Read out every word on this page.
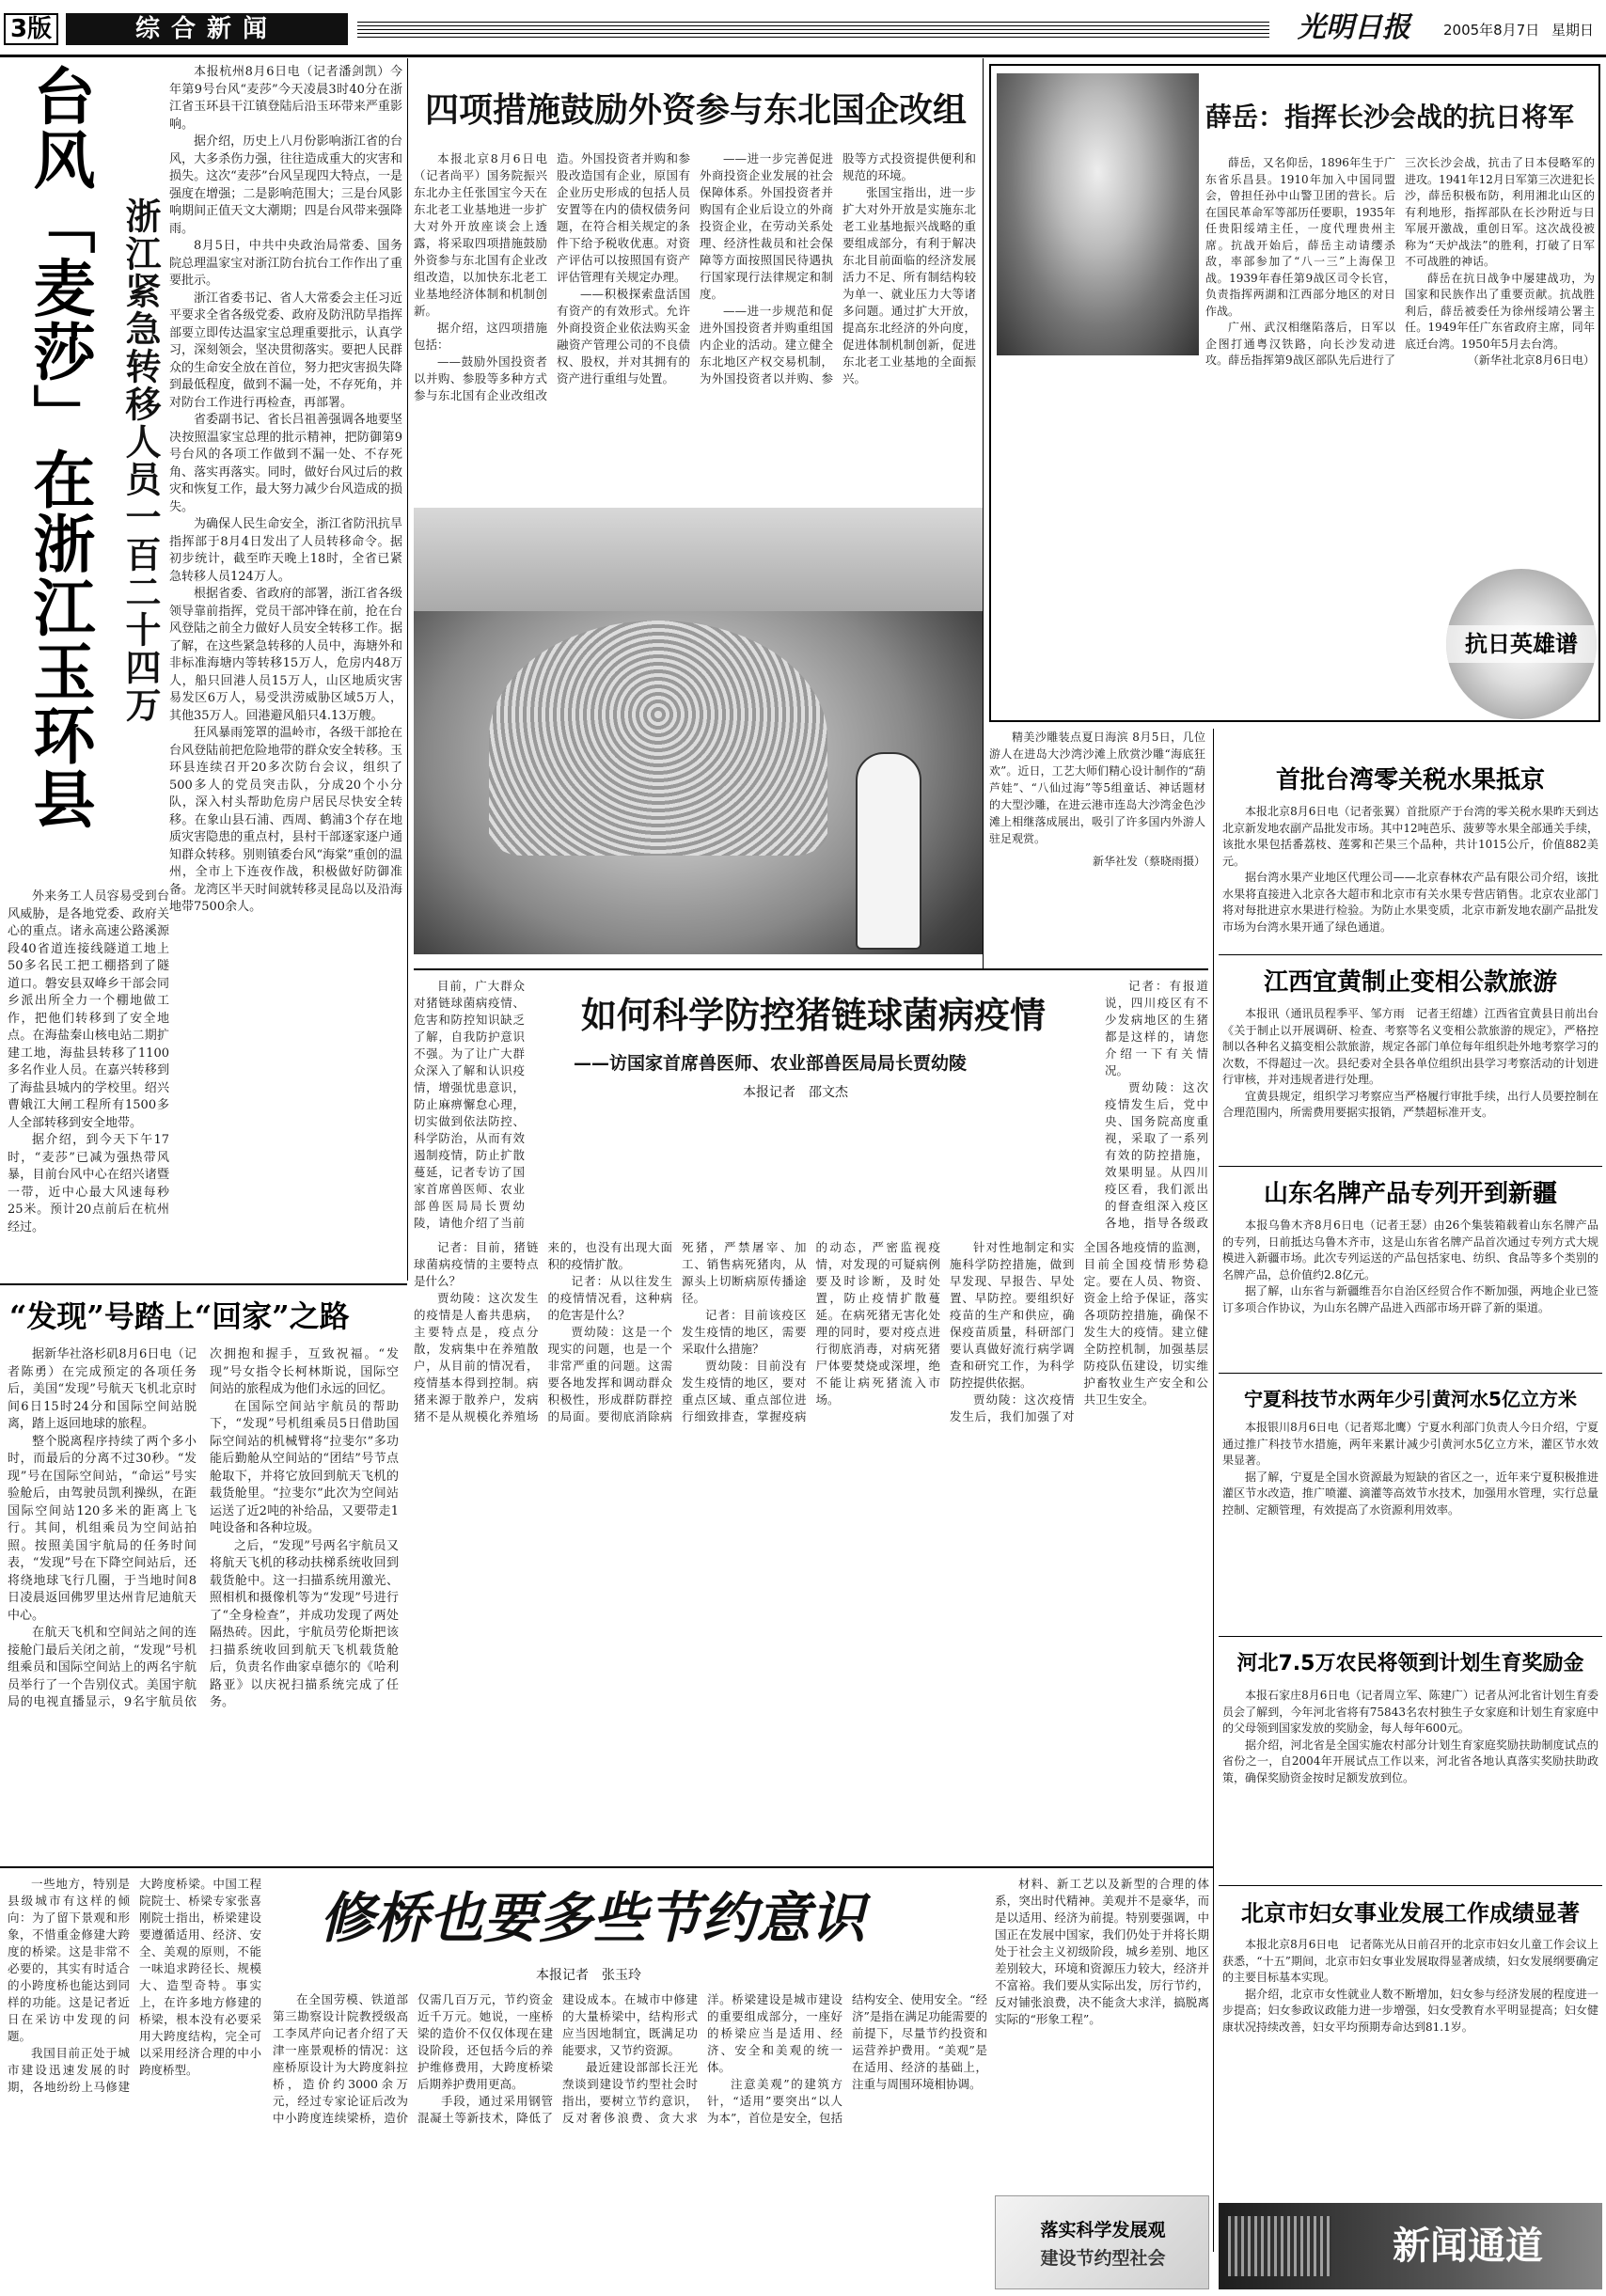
3版	综合新闻	光明日报	2005年8月7日 星期日
台风「麦莎」在浙江玉环县
浙江紧急转移人员一百二十四万

本报杭州8月6日电（记者潘剑凯）今年第9号台风“麦莎”今天凌晨3时40分在浙江省玉环县干江镇登陆后沿玉环带来严重影响。

据介绍，历史上八月份影响浙江省的台风，大多杀伤力强，往往造成重大的灾害和损失。这次“麦莎”台风呈现四大特点，一是强度在增强；二是影响范围大；三是台风影响期间正值天文大潮期；四是台风带来强降雨。

8月5日，中共中央政治局常委、国务院总理温家宝对浙江防台抗台工作作出了重要批示。

浙江省委书记、省人大常委会主任习近平要求全省各级党委、政府及防汛防旱指挥部要立即传达温家宝总理重要批示，认真学习，深刻领会，坚决贯彻落实。要把人民群众的生命安全放在首位，努力把灾害损失降到最低程度，做到不漏一处，不存死角，并对防台工作进行再检查，再部署。

省委副书记、省长吕祖善强调各地要坚决按照温家宝总理的批示精神，把防御第9号台风的各项工作做到不漏一处、不存死角、落实再落实。同时，做好台风过后的救灾和恢复工作，最大努力减少台风造成的损失。

为确保人民生命安全，浙江省防汛抗旱指挥部于8月4日发出了人员转移命令。据初步统计，截至昨天晚上18时，全省已紧急转移人员124万人。

根据省委、省政府的部署，浙江省各级领导靠前指挥，党员干部冲锋在前，抢在台风登陆之前全力做好人员安全转移工作。据了解，在这些紧急转移的人员中，海塘外和非标准海塘内等转移15万人，危房内48万人，船只回港人员15万人，山区地质灾害易发区6万人，易受洪涝威胁区域5万人，其他35万人。回港避风船只4.13万艘。

狂风暴雨笼罩的温岭市，各级干部抢在台风登陆前把危险地带的群众安全转移。玉环县连续召开20多次防台会议，组织了500多人的党员突击队，分成20个小分队，深入村头帮助危房户居民尽快安全转移。在象山县石浦、西周、鹤浦3个存在地质灾害隐患的重点村，县村干部逐家逐户通知群众转移。别则镇委台风“海棠”重创的温州，全市上下连夜作战，积极做好防御准备。龙湾区半天时间就转移灵昆岛以及沿海地带7500余人。

外来务工人员容易受到台风威胁，是各地党委、政府关心的重点。诸永高速公路溪源段40省道连接线隧道工地上50多名民工把工棚搭到了隧道口。磐安县双峰乡干部会同乡派出所全力一个棚地做工作，把他们转移到了安全地点。在海盐秦山核电站二期扩建工地，海盐县转移了1100多名作业人员。在嘉兴转移到了海盐县城内的学校里。绍兴曹娥江大闸工程所有1500多人全部转移到安全地带。

据介绍，到今天下午17时，“麦莎”已减为强热带风暴，目前台风中心在绍兴诸暨一带，近中心最大风速每秒25米。预计20点前后在杭州经过。

“发现”号踏上“回家”之路

据新华社洛杉矶8月6日电（记者陈勇）在完成预定的各项任务后，美国“发现”号航天飞机北京时间6日15时24分和国际空间站脱离，踏上返回地球的旅程。

整个脱离程序持续了两个多小时，而最后的分离不过30秒。“发现”号在国际空间站，“命运”号实验舱后，由驾驶员凯利操纵，在距国际空间站120多米的距离上飞行。其间，机组乘员为空间站拍照。按照美国宇航局的任务时间表，“发现”号在下降空间站后，还将绕地球飞行几圈，于当地时间8日凌晨返回佛罗里达州肯尼迪航天中心。

在航天飞机和空间站之间的连接舱门最后关闭之前，“发现”号机组乘员和国际空间站上的两名宇航员举行了一个告别仪式。美国宇航局的电视直播显示，9名宇航员依次拥抱和握手，互致祝福。“发现”号女指令长柯林斯说，国际空间站的旅程成为他们永远的回忆。

在国际空间站宇航员的帮助下，“发现”号机组乘员5日借助国际空间站的机械臂将“拉斐尔”多功能后勤舱从空间站的“团结”号节点舱取下，并将它放回到航天飞机的载货舱里。“拉斐尔”此次为空间站运送了近2吨的补给品，又要带走1吨设备和各种垃圾。

之后，“发现”号两名宇航员又将航天飞机的移动扶梯系统收回到载货舱中。这一扫描系统用激光、照相机和摄像机等为“发现”号进行了“全身检查”，并成功发现了两处隔热砖。因此，宇航员劳伦斯把该扫描系统收回到航天飞机载货舱后，负责名作曲家卓德尔的《哈利路亚》以庆祝扫描系统完成了任务。

四项措施鼓励外资参与东北国企改组

本报北京8月6日电（记者尚平）国务院振兴东北办主任张国宝今天在东北老工业基地进一步扩大对外开放座谈会上透露，将采取四项措施鼓励外资参与东北国有企业改组改造，以加快东北老工业基地经济体制和机制创新。

据介绍，这四项措施包括：

——鼓励外国投资者以并购、参股等多种方式参与东北国有企业改组改造。外国投资者并购和参股改造国有企业，原国有企业历史形成的包括人员安置等在内的债权债务问题，在符合相关规定的条件下给予税收优惠。对资产评估可以按照国有资产评估管理有关规定办理。

——积极探索盘活国有资产的有效形式。允许外商投资企业依法购买金融资产管理公司的不良债权、股权，并对其拥有的资产进行重组与处置。

——进一步完善促进外商投资企业发展的社会保障体系。外国投资者并购国有企业后设立的外商投资企业，在劳动关系处理、经济性裁员和社会保障等方面按照国民待遇执行国家现行法律规定和制度。

——进一步规范和促进外国投资者并购重组国内企业的活动。建立健全东北地区产权交易机制，为外国投资者以并购、参股等方式投资提供便利和规范的环境。

张国宝指出，进一步扩大对外开放是实施东北老工业基地振兴战略的重要组成部分，有利于解决东北目前面临的经济发展活力不足、所有制结构较为单一、就业压力大等诸多问题。通过扩大开放，提高东北经济的外向度，促进体制机制创新，促进东北老工业基地的全面振兴。

精美沙雕装点夏日海滨 8月5日，几位游人在进岛大沙湾沙滩上欣赏沙雕“海底狂欢”。近日，工艺大师们精心设计制作的“葫芦娃”、“八仙过海”等5组童话、神话题材的大型沙雕，在进云港市连岛大沙湾金色沙滩上相继落成展出，吸引了许多国内外游人驻足观赏。

新华社发（蔡晓雨摄）
薛岳：指挥长沙会战的抗日将军

薛岳，又名仰岳，1896年生于广东省乐昌县。1910年加入中国同盟会，曾担任孙中山警卫团的营长。后在国民革命军等部历任要职，1935年任贵阳绥靖主任，一度代理贵州主席。抗战开始后，薛岳主动请缨杀敌，率部参加了“八一三”上海保卫战。1939年春任第9战区司令长官，负责指挥两湖和江西部分地区的对日作战。

广州、武汉相继陷落后，日军以企图打通粤汉铁路，向长沙发动进攻。薛岳指挥第9战区部队先后进行了三次长沙会战，抗击了日本侵略军的进攻。1941年12月日军第三次进犯长沙，薛岳积极布防，利用湘北山区的有利地形，指挥部队在长沙附近与日军展开激战，重创日军。这次战役被称为“天炉战法”的胜利，打破了日军不可战胜的神话。

薛岳在抗日战争中屡建战功，为国家和民族作出了重要贡献。抗战胜利后，薛岳被委任为徐州绥靖公署主任。1949年任广东省政府主席，同年底迁台湾。1950年5月去台湾。

（新华社北京8月6日电）

抗日英雄谱
如何科学防控猪链球菌病疫情
——访国家首席兽医师、农业部兽医局局长贾幼陵
本报记者　邵文杰

目前，广大群众对猪链球菌病疫情、危害和防控知识缺乏了解，自我防护意识不强。为了让广大群众深入了解和认识疫情，增强忧患意识，防止麻痹懈怠心理，切实做到依法防控、科学防治，从而有效遏制疫情，防止扩散蔓延，记者专访了国家首席兽医师、农业部兽医局局长贾幼陵，请他介绍了当前

记者：有报道说，四川疫区有不少发病地区的生猪都是这样的，请您介绍一下有关情况。

贾幼陵：这次疫情发生后，党中央、国务院高度重视，采取了一系列有效的防控措施，效果明显。从四川疫区看，我们派出的督查组深入疫区各地，指导各级政

记者：目前，猪链球菌病疫情的主要特点是什么？

贾幼陵：这次发生的疫情是人畜共患病，主要特点是，疫点分散，发病集中在养殖散户，从目前的情况看，疫情基本得到控制。病猪来源于散养户，发病猪不是从规模化养殖场来的，也没有出现大面积的疫情扩散。

记者：从以往发生的疫情情况看，这种病的危害是什么？

贾幼陵：这是一个现实的问题，也是一个非常严重的问题。这需要各地发挥和调动群众积极性，形成群防群控的局面。要彻底消除病死猪，严禁屠宰、加工、销售病死猪肉，从源头上切断病原传播途径。

记者：目前该疫区发生疫情的地区，需要采取什么措施？

贾幼陵：目前没有发生疫情的地区，要对重点区域、重点部位进行细致排查，掌握疫病的动态，严密监视疫情，对发现的可疑病例要及时诊断，及时处置，防止疫情扩散蔓延。在病死猪无害化处理的同时，要对疫点进行彻底消毒，对病死猪尸体要焚烧或深埋，绝不能让病死猪流入市场。

针对性地制定和实施科学防控措施，做到早发现、早报告、早处置、早防控。要组织好疫苗的生产和供应，确保疫苗质量，科研部门要认真做好流行病学调查和研究工作，为科学防控提供依据。

贾幼陵：这次疫情发生后，我们加强了对全国各地疫情的监测，目前全国疫情形势稳定。要在人员、物资、资金上给予保证，落实各项防控措施，确保不发生大的疫情。建立健全防控机制，加强基层防疫队伍建设，切实维护畜牧业生产安全和公共卫生安全。

修桥也要多些节约意识
本报记者　张玉玲

一些地方，特别是县级城市有这样的倾向：为了留下景观和形象，不惜重金修建大跨度的桥梁。这是非常不必要的，其实有时适合的小跨度桥也能达到同样的功能。这是记者近日在采访中发现的问题。

我国目前正处于城市建设迅速发展的时期，各地纷纷上马修建大跨度桥梁。中国工程院院士、桥梁专家张喜刚院士指出，桥梁建设要遵循适用、经济、安全、美观的原则，不能一味追求跨径长、规模大、造型奇特。事实上，在许多地方修建的桥梁，根本没有必要采用大跨度结构，完全可以采用经济合理的中小跨度桥型。

在全国劳模、铁道部第三勘察设计院教授级高工李凤芹向记者介绍了天津一座景观桥的情况：这座桥原设计为大跨度斜拉桥，造价约3000余万元，经过专家论证后改为中小跨度连续梁桥，造价仅需几百万元，节约资金近千万元。她说，一座桥梁的造价不仅仅体现在建设阶段，还包括今后的养护维修费用，大跨度桥梁后期养护费用更高。

手段，通过采用钢管混凝土等新技术，降低了建设成本。在城市中修建的大量桥梁中，结构形式应当因地制宜，既满足功能要求，又节约资源。

最近建设部部长汪光焘谈到建设节约型社会时指出，要树立节约意识，反对奢侈浪费、贪大求洋。桥梁建设是城市建设的重要组成部分，一座好的桥梁应当是适用、经济、安全和美观的统一体。

注意美观”的建筑方针，“适用”要突出“以人为本”，首位是安全，包括结构安全、使用安全。“经济”是指在满足功能需要的前提下，尽量节约投资和运营养护费用。“美观”是在适用、经济的基础上，注重与周围环境相协调。

材料、新工艺以及新型的合理的体系，突出时代精神。美观并不是豪华，而是以适用、经济为前提。特别要强调，中国正在发展中国家，我们仍处于并将长期处于社会主义初级阶段，城乡差别、地区差别较大，环境和资源压力较大，经济并不富裕。我们要从实际出发，厉行节约，反对铺张浪费，决不能贪大求洋，搞脱离实际的“形象工程”。

落实科学发展观
建设节约型社会
首批台湾零关税水果抵京

本报北京8月6日电（记者张翼）首批原产于台湾的零关税水果昨天到达北京新发地农副产品批发市场。其中12吨芭乐、菠萝等水果全部通关手续，该批水果包括番荔枝、莲雾和芒果三个品种，共计1015公斤，价值882美元。

据台湾水果产业地区代理公司——北京春林农产品有限公司介绍，该批水果将直接进入北京各大超市和北京市有关水果专营店销售。北京农业部门将对每批进京水果进行检验。为防止水果变质，北京市新发地农副产品批发市场为台湾水果开通了绿色通道。

江西宜黄制止变相公款旅游

本报讯（通讯员程季平、邹方雨　记者王绍雄）江西省宜黄县日前出台《关于制止以开展调研、检查、考察等名义变相公款旅游的规定》，严格控制以各种名义搞变相公款旅游，规定各部门单位每年组织赴外地考察学习的次数，不得超过一次。县纪委对全县各单位组织出县学习考察活动的计划进行审核，并对违规者进行处理。

宜黄县规定，组织学习考察应当严格履行审批手续，出行人员要控制在合理范围内，所需费用要据实报销，严禁超标准开支。

山东名牌产品专列开到新疆

本报乌鲁木齐8月6日电（记者王瑟）由26个集装箱载着山东名牌产品的专列，日前抵达乌鲁木齐市，这是山东省名牌产品首次通过专列方式大规模进入新疆市场。此次专列运送的产品包括家电、纺织、食品等多个类别的名牌产品，总价值约2.8亿元。

据了解，山东省与新疆维吾尔自治区经贸合作不断加强，两地企业已签订多项合作协议，为山东名牌产品进入西部市场开辟了新的渠道。

宁夏科技节水两年少引黄河水5亿立方米

本报银川8月6日电（记者郑北鹰）宁夏水利部门负责人今日介绍，宁夏通过推广科技节水措施，两年来累计减少引黄河水5亿立方米，灌区节水效果显著。

据了解，宁夏是全国水资源最为短缺的省区之一，近年来宁夏积极推进灌区节水改造，推广喷灌、滴灌等高效节水技术，加强用水管理，实行总量控制、定额管理，有效提高了水资源利用效率。

河北7.5万农民将领到计划生育奖励金

本报石家庄8月6日电（记者周立军、陈建广）记者从河北省计划生育委员会了解到，今年河北省将有75843名农村独生子女家庭和计划生育家庭中的父母领到国家发放的奖励金，每人每年600元。

据介绍，河北省是全国实施农村部分计划生育家庭奖励扶助制度试点的省份之一，自2004年开展试点工作以来，河北省各地认真落实奖励扶助政策，确保奖励资金按时足额发放到位。

北京市妇女事业发展工作成绩显著

本报北京8月6日电　记者陈光从日前召开的北京市妇女儿童工作会议上获悉，“十五”期间，北京市妇女事业发展取得显著成绩，妇女发展纲要确定的主要目标基本实现。

据介绍，北京市女性就业人数不断增加，妇女参与经济发展的程度进一步提高；妇女参政议政能力进一步增强，妇女受教育水平明显提高；妇女健康状况持续改善，妇女平均预期寿命达到81.1岁。

新闻通道
